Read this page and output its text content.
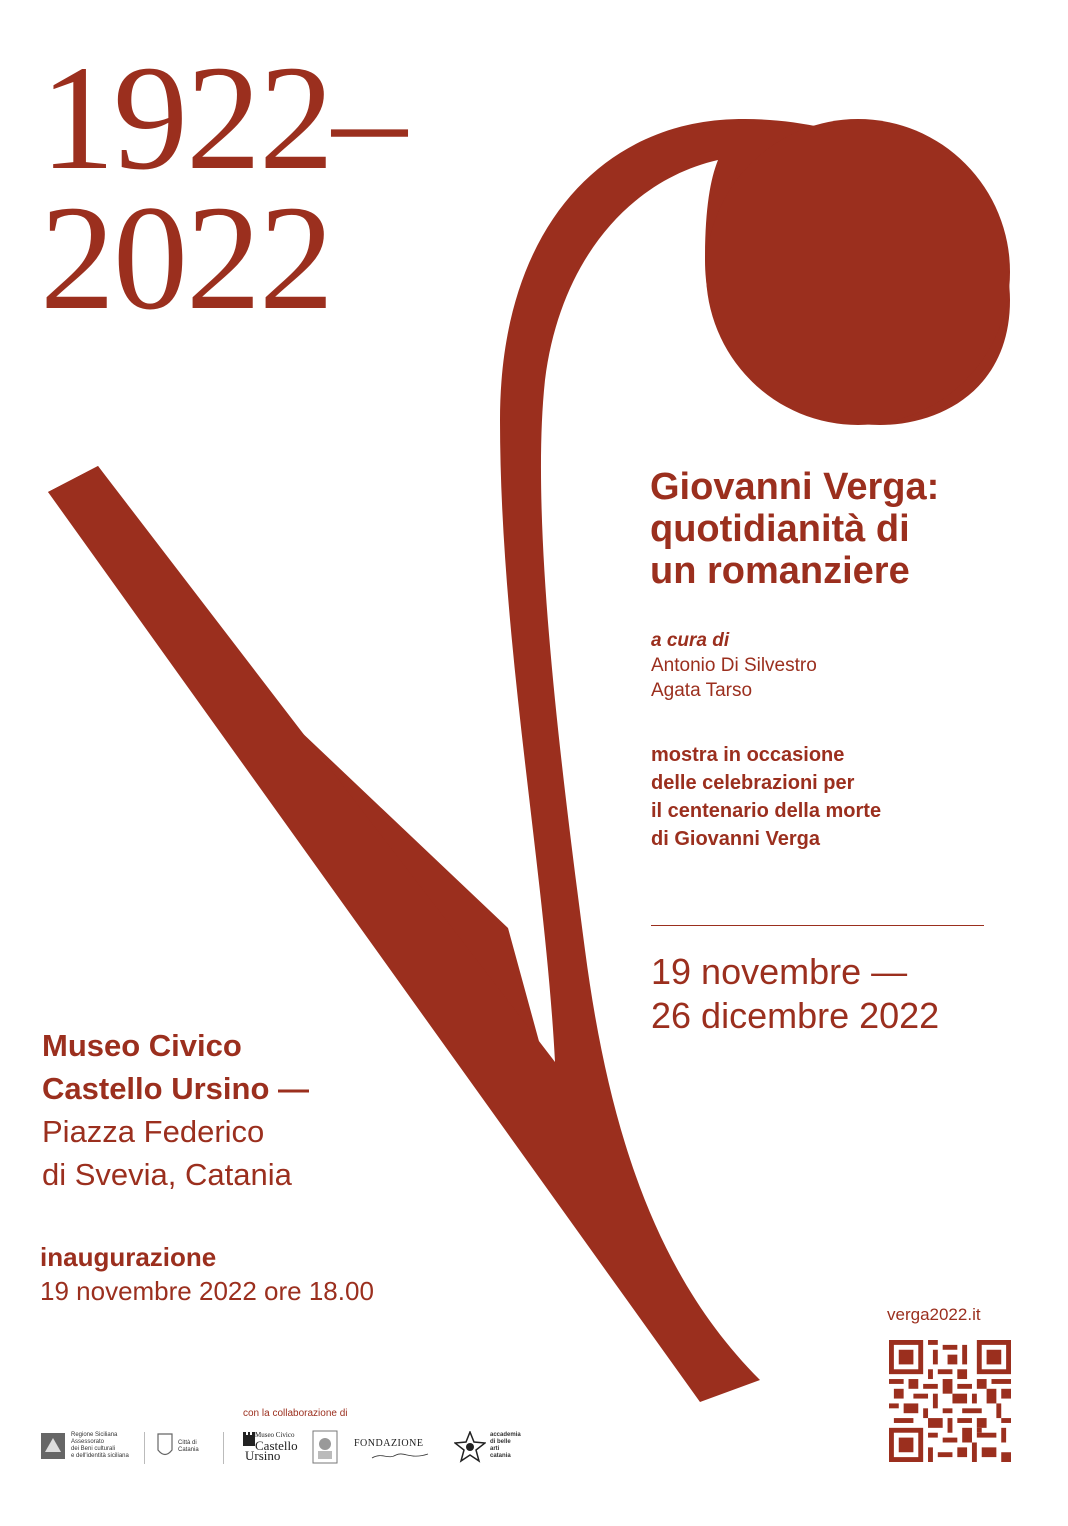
1922–
2022
Giovanni Verga:
quotidianità di
un romanziere
a cura di
Antonio Di Silvestro
Agata Tarso
mostra in occasione
delle celebrazioni per
il centenario della morte
di Giovanni Verga
19 novembre —
26 dicembre 2022
Museo Civico
Castello Ursino —
Piazza Federico
di Svevia, Catania
inaugurazione
19 novembre 2022 ore 18.00
verga2022.it
con la collaborazione di
Regione Siciliana
Assessorato
dei Beni culturali
e dell'identità siciliana
Città di
Catania
Museo Civico
Castello
Ursino
FONDAZIONE
accademia
di belle
arti
catania
